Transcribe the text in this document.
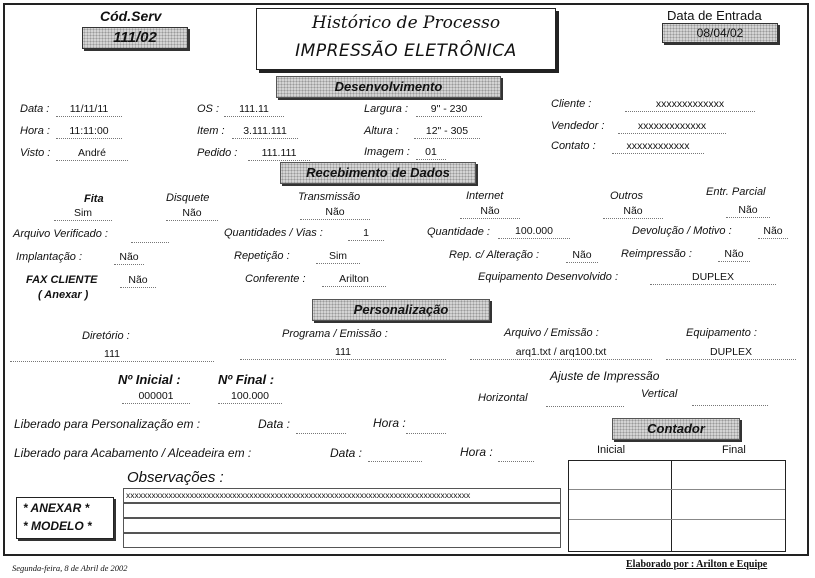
Cód.Serv
111/02
Histórico de Processo
IMPRESSÃO ELETRÔNICA
Data de Entrada
08/04/02
Desenvolvimento
Data :	11/11/11
Hora :	11:11:00
Visto :	André
OS :	111.11
Item :	3.111.111
Pedido :	111.111
Largura :	9" - 230
Altura :	12" - 305
Imagem :	01
Cliente :	xxxxxxxxxxxxx
Vendedor :	xxxxxxxxxxxxx
Contato :	xxxxxxxxxxxx
Recebimento de Dados
Fita
Sim
Disquete
Não
Transmissão
Não
Internet
Não
Outros
Não
Entr. Parcial
Não
Arquivo Verificado :	Quantidades / Vias :	1	Quantidade :	100.000	Devolução / Motivo :	Não
Implantação :	Não	Repetição :	Sim	Rep. c/ Alteração :	Não	Reimpressão :	Não
FAX CLIENTE
( Anexar )
Não	Conferente :	Arilton	Equipamento Desenvolvido :	DUPLEX
Personalização
Diretório :
111
Programa / Emissão :
111
Arquivo / Emissão :
arq1.txt / arq100.txt
Equipamento :
DUPLEX
Nº Inicial :
000001
Nº Final :
100.000
Ajuste de Impressão
Horizontal	Vertical
Liberado para Personalização em :	Data :	Hora :
Liberado para Acabamento / Alceadeira em :	Data :	Hora :
Contador
Inicial	Final
Observações :
xxxxxxxxxxxxxxxxxxxxxxxxxxxxxxxxxxxxxxxxxxxxxxxxxxxxxxxxxxxxxxxxxxxxxxxxxxxxxxxxx
* ANEXAR *
* MODELO *
Segunda-feira, 8 de Abril de 2002	Elaborado por : Arilton e Equipe
